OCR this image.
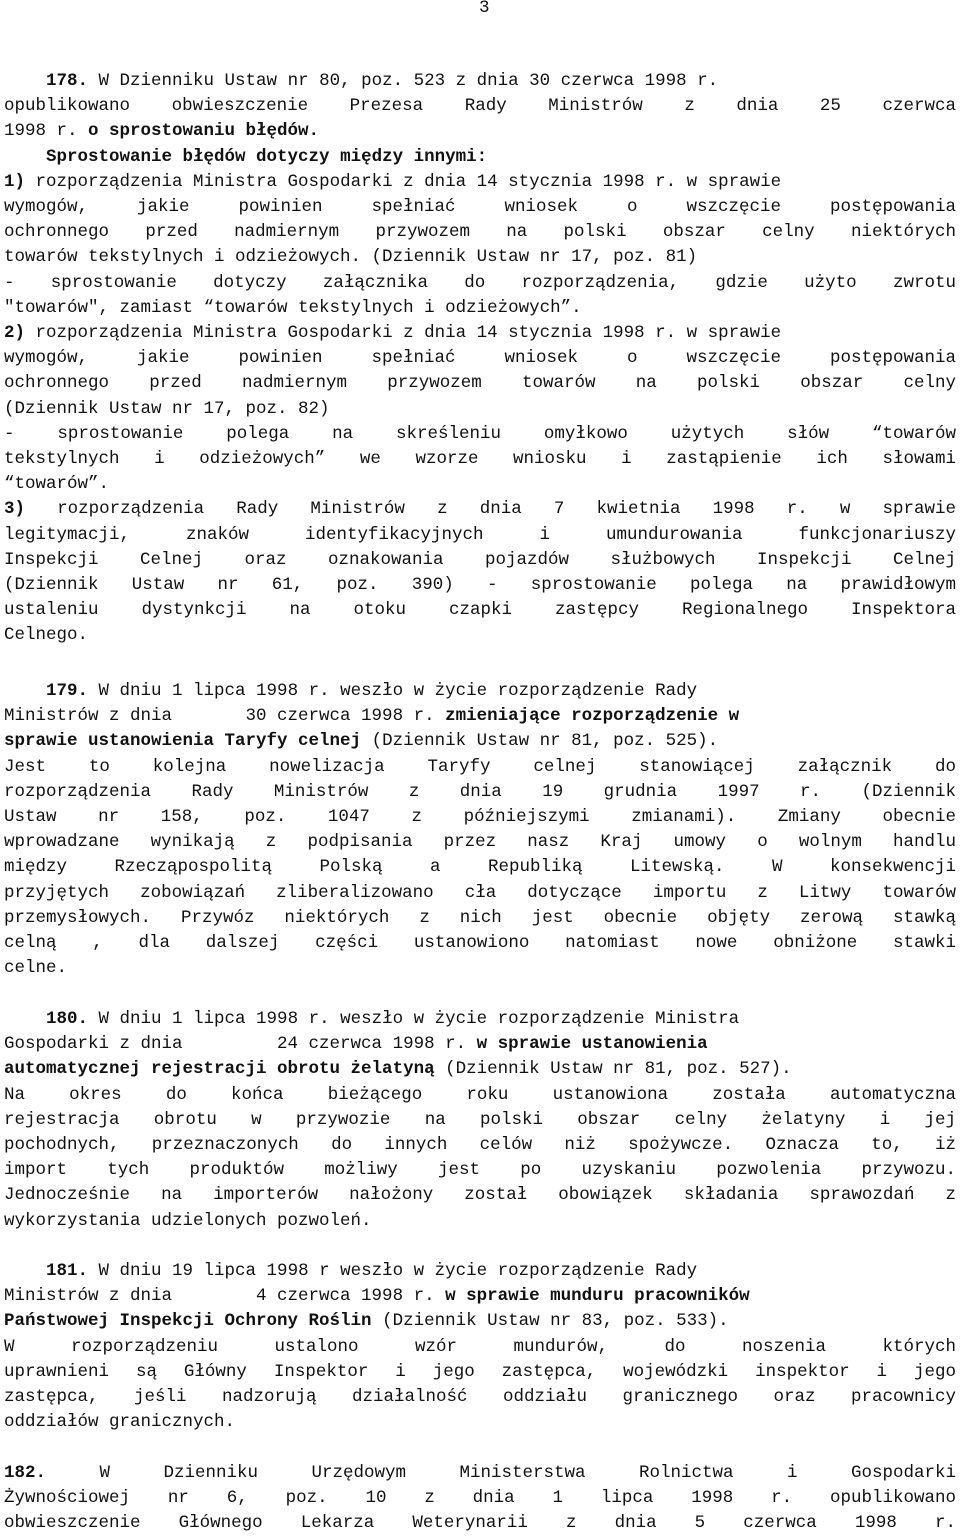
3
178. W Dzienniku Ustaw nr 80, poz. 523 z dnia 30 czerwca 1998 r.
opublikowano obwieszczenie Prezesa Rady Ministrów z dnia 25 czerwca
1998 r. o sprostowaniu błędów.
Sprostowanie błędów dotyczy między innymi:
1) rozporządzenia Ministra Gospodarki z dnia 14 stycznia 1998 r. w sprawie
wymogów, jakie powinien spełniać wniosek o wszczęcie postępowania
ochronnego przed nadmiernym przywozem na polski obszar celny niektórych
towarów tekstylnych i odzieżowych. (Dziennik Ustaw nr 17, poz. 81)
- sprostowanie dotyczy załącznika do rozporządzenia, gdzie użyto zwrotu
"towarów", zamiast “towarów tekstylnych i odzieżowych”.
2) rozporządzenia Ministra Gospodarki z dnia 14 stycznia 1998 r. w sprawie
wymogów, jakie powinien spełniać wniosek o wszczęcie postępowania
ochronnego przed nadmiernym przywozem towarów na polski obszar celny
(Dziennik Ustaw nr 17, poz. 82)
- sprostowanie polega na skreśleniu omyłkowo użytych słów “towarów
tekstylnych i odzieżowych” we wzorze wniosku i zastąpienie ich słowami
“towarów”.
3) rozporządzenia Rady Ministrów z dnia 7 kwietnia 1998 r. w sprawie
legitymacji, znaków identyfikacyjnych i umundurowania funkcjonariuszy
Inspekcji Celnej oraz oznakowania pojazdów służbowych Inspekcji Celnej
(Dziennik Ustaw nr 61, poz. 390) - sprostowanie polega na prawidłowym
ustaleniu dystynkcji na otoku czapki zastępcy Regionalnego Inspektora
Celnego.
179. W dniu 1 lipca 1998 r. weszło w życie rozporządzenie Rady
Ministrów z dnia       30 czerwca 1998 r. zmieniające rozporządzenie w
sprawie ustanowienia Taryfy celnej (Dziennik Ustaw nr 81, poz. 525).
Jest to kolejna nowelizacja Taryfy celnej stanowiącej załącznik do
rozporządzenia Rady Ministrów z dnia 19 grudnia 1997 r. (Dziennik
Ustaw nr 158, poz. 1047 z późniejszymi zmianami). Zmiany obecnie
wprowadzane wynikają z podpisania przez nasz Kraj umowy o wolnym handlu
między Rzecząpospolitą Polską a Republiką Litewską. W konsekwencji
przyjętych zobowiązań zliberalizowano cła dotyczące importu z Litwy towarów
przemysłowych. Przywóz niektórych z nich jest obecnie objęty zerową stawką
celną , dla dalszej części ustanowiono natomiast nowe obniżone stawki
celne.
180. W dniu 1 lipca 1998 r. weszło w życie rozporządzenie Ministra
Gospodarki z dnia         24 czerwca 1998 r. w sprawie ustanowienia
automatycznej rejestracji obrotu żelatyną (Dziennik Ustaw nr 81, poz. 527).
Na okres do końca bieżącego roku ustanowiona została automatyczna
rejestracja obrotu w przywozie na polski obszar celny żelatyny i jej
pochodnych, przeznaczonych do innych celów niż spożywcze. Oznacza to, iż
import tych produktów możliwy jest po uzyskaniu pozwolenia przywozu.
Jednocześnie na importerów nałożony został obowiązek składania sprawozdań z
wykorzystania udzielonych pozwoleń.
181. W dniu 19 lipca 1998 r weszło w życie rozporządzenie Rady
Ministrów z dnia        4 czerwca 1998 r. w sprawie munduru pracowników
Państwowej Inspekcji Ochrony Roślin (Dziennik Ustaw nr 83, poz. 533).
W rozporządzeniu ustalono wzór mundurów, do noszenia których
uprawnieni są Główny Inspektor i jego zastępca, wojewódzki inspektor i jego
zastępca, jeśli nadzorują działalność oddziału granicznego oraz pracownicy
oddziałów granicznych.
182. W Dzienniku Urzędowym Ministerstwa Rolnictwa i Gospodarki
Żywnościowej nr 6, poz. 10 z dnia 1 lipca 1998 r. opublikowano
obwieszczenie Głównego Lekarza Weterynarii z dnia 5 czerwca 1998 r.
